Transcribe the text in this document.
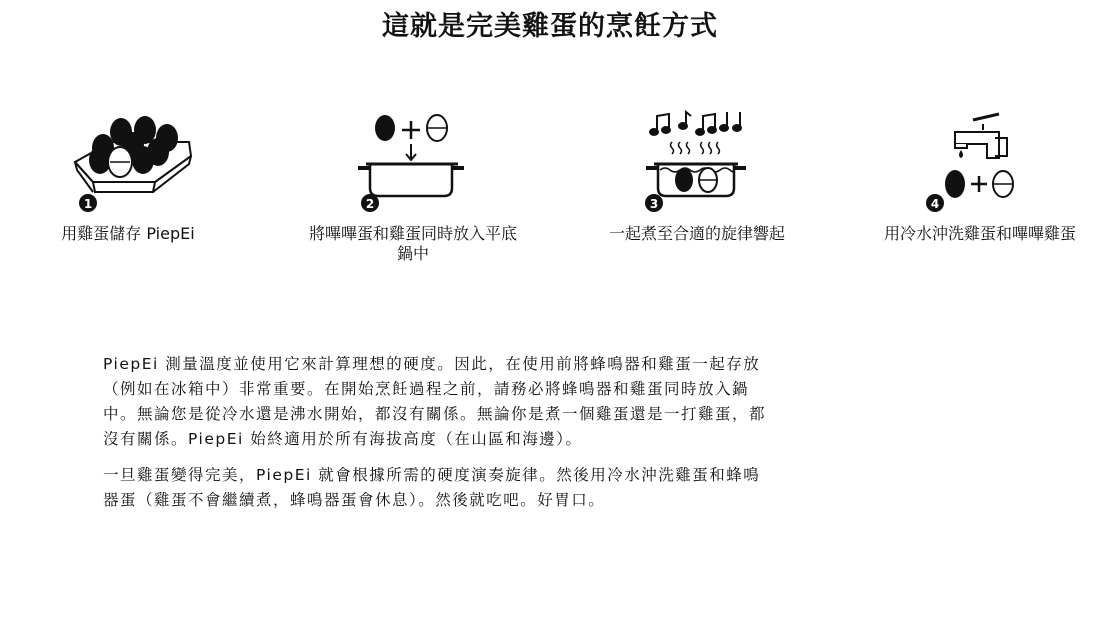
這就是完美雞蛋的烹飪方式
1
用雞蛋儲存 PiepEi
2
將嗶嗶蛋和雞蛋同時放入平底鍋中
3
一起煮至合適的旋律響起
4
用冷水沖洗雞蛋和嗶嗶雞蛋

PiepEi 測量溫度並使用它來計算理想的硬度。因此，在使用前將蜂鳴器和雞蛋一起存放（例如在冰箱中）非常重要。在開始烹飪過程之前，請務必將蜂鳴器和雞蛋同時放入鍋中。無論您是從冷水還是沸水開始，都沒有關係。無論你是煮一個雞蛋還是一打雞蛋，都沒有關係。PiepEi 始終適用於所有海拔高度（在山區和海邊）。

一旦雞蛋變得完美，PiepEi 就會根據所需的硬度演奏旋律。然後用冷水沖洗雞蛋和蜂鳴器蛋（雞蛋不會繼續煮，蜂鳴器蛋會休息）。然後就吃吧。好胃口。
